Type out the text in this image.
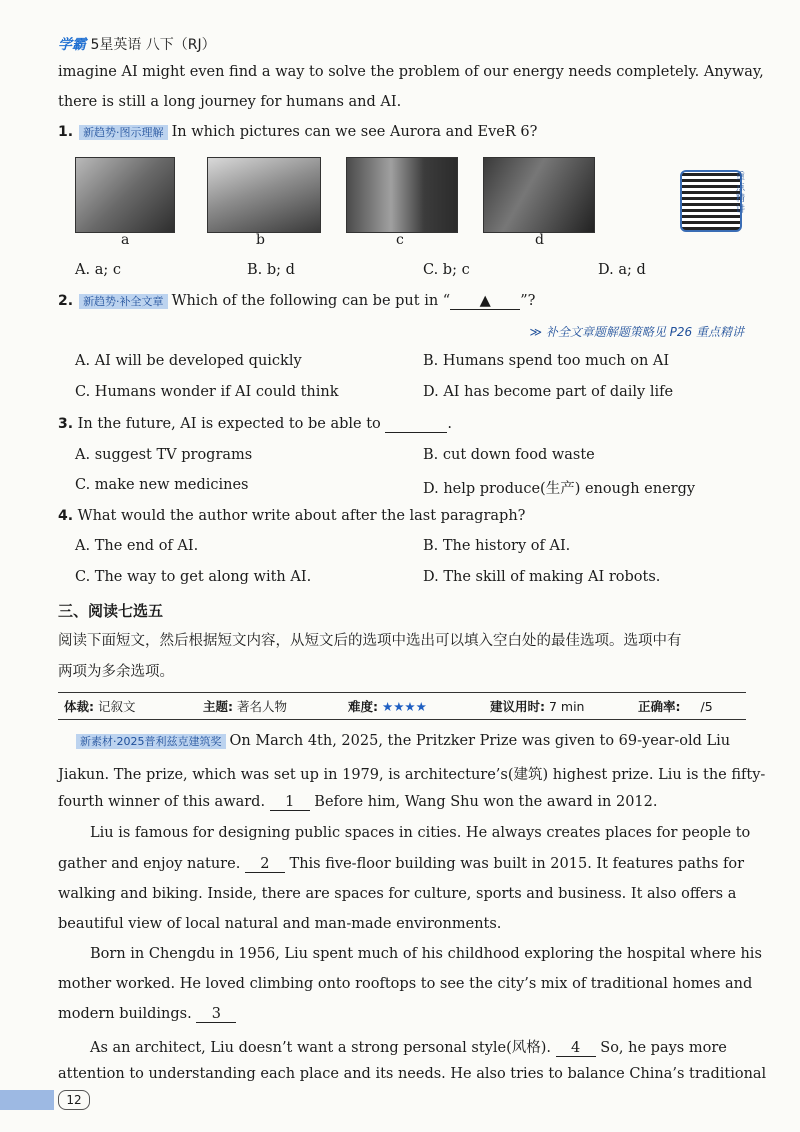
学霸 5星英语 八下（RJ）
imagine AI might even find a way to solve the problem of our energy needs completely. Anyway,
there is still a long journey for humans and AI.
1. 新趋势·图示理解 In which pictures can we see Aurora and EveR 6?
a	b	c	d
重点精讲
A. a; c	B. b; d	C. b; c	D. a; d
2. 新趋势·补全文章 Which of the following can be put in “ ▲ ”?
≫ 补全文章题解题策略见 P26 重点精讲
A. AI will be developed quickly	B. Humans spend too much on AI
C. Humans wonder if AI could think	D. AI has become part of daily life
3. In the future, AI is expected to be able to	.
A. suggest TV programs	B. cut down food waste
C. make new medicines	D. help produce(生产) enough energy
4. What would the author write about after the last paragraph?
A. The end of AI.	B. The history of AI.
C. The way to get along with AI.	D. The skill of making AI robots.
三、阅读七选五
阅读下面短文，然后根据短文内容，从短文后的选项中选出可以填入空白处的最佳选项。选项中有
两项为多余选项。
体裁: 记叙文	主题: 著名人物	难度: ★★★★	建议用时: 7 min	正确率: /5
新素材·2025普利兹克建筑奖 On March 4th, 2025, the Pritzker Prize was given to 69-year-old Liu
Jiakun. The prize, which was set up in 1979, is architecture’s(建筑) highest prize. Liu is the fifty-
fourth winner of this award. 1 Before him, Wang Shu won the award in 2012.
Liu is famous for designing public spaces in cities. He always creates places for people to
gather and enjoy nature. 2 This five-floor building was built in 2015. It features paths for
walking and biking. Inside, there are spaces for culture, sports and business. It also offers a
beautiful view of local natural and man-made environments.
Born in Chengdu in 1956, Liu spent much of his childhood exploring the hospital where his
mother worked. He loved climbing onto rooftops to see the city’s mix of traditional homes and
modern buildings. 3
As an architect, Liu doesn’t want a strong personal style(风格). 4 So, he pays more
attention to understanding each place and its needs. He also tries to balance China’s traditional
12
